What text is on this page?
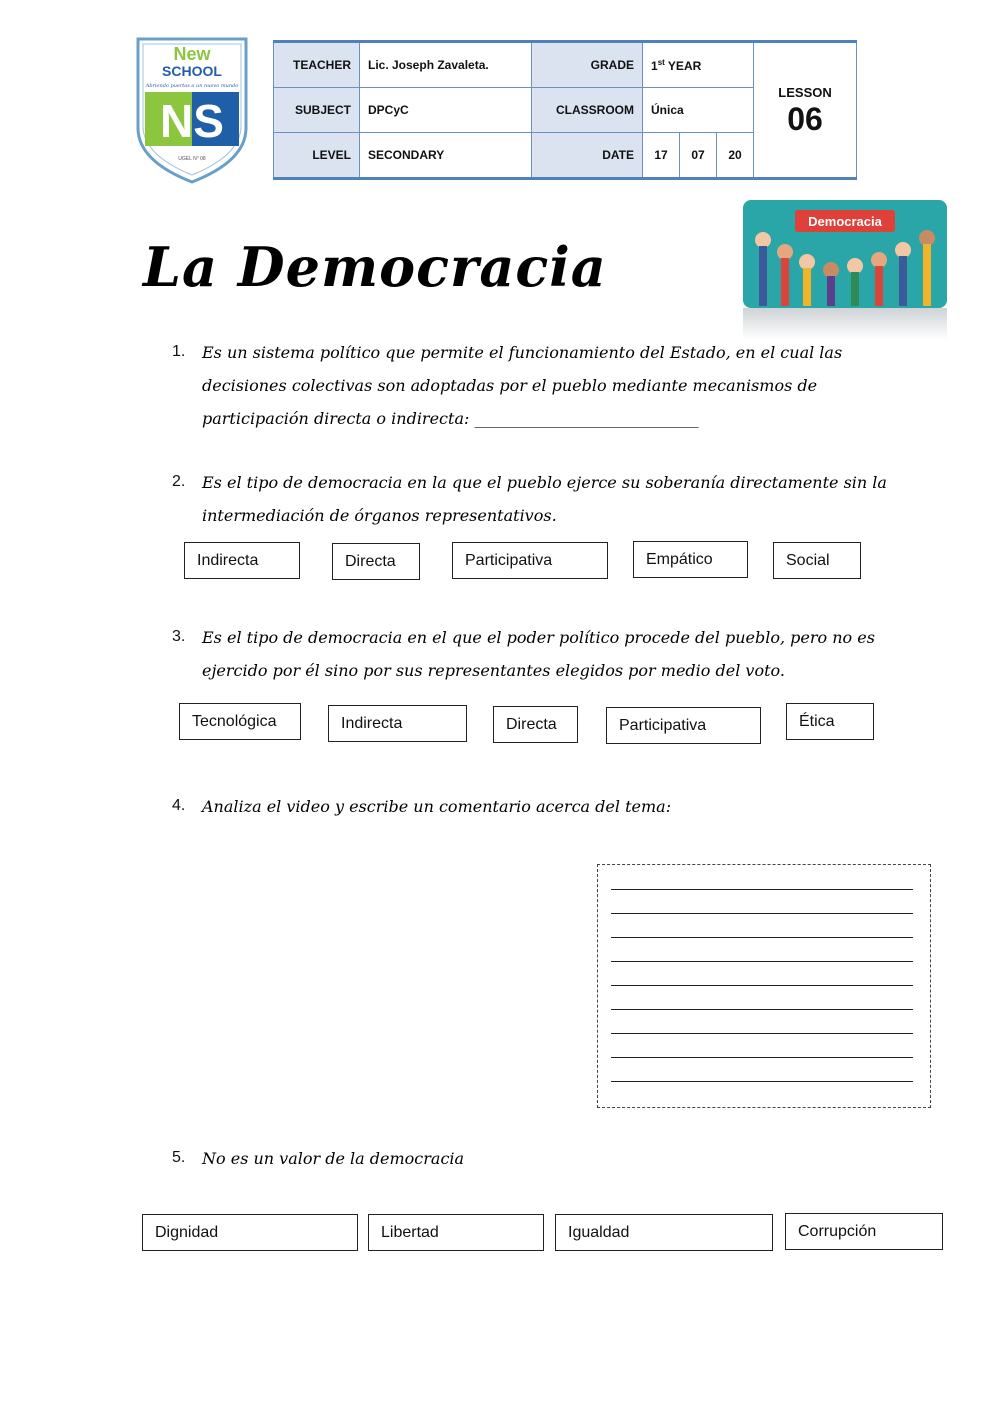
New
SCHOOL
Abriendo puertas a un nuevo mundo
NS
UGEL N° 08
TEACHER	Lic. Joseph Zavaleta.	GRADE	1st YEAR			LESSON
06

SUBJECT	DPCyC	CLASSROOM	Única			
LEVEL	SECONDARY	DATE	17	07	20	
La Democracia
Democracia
1. Es un sistema político que permite el funcionamiento del Estado, en el cual las
decisiones colectivas son adoptadas por el pueblo mediante mecanismos de
participación directa o indirecta: ____________________________
2. Es el tipo de democracia en la que el pueblo ejerce su soberanía directamente sin la
intermediación de órganos representativos.
Indirecta	Directa	Participativa	Empático	Social
3. Es el tipo de democracia en el que el poder político procede del pueblo, pero no es
ejercido por él sino por sus representantes elegidos por medio del voto.
Tecnológica	Indirecta	Directa	Participativa	Ética
4. Analiza el video y escribe un comentario acerca del tema:
5. No es un valor de la democracia
Dignidad	Libertad	Igualdad	Corrupción
